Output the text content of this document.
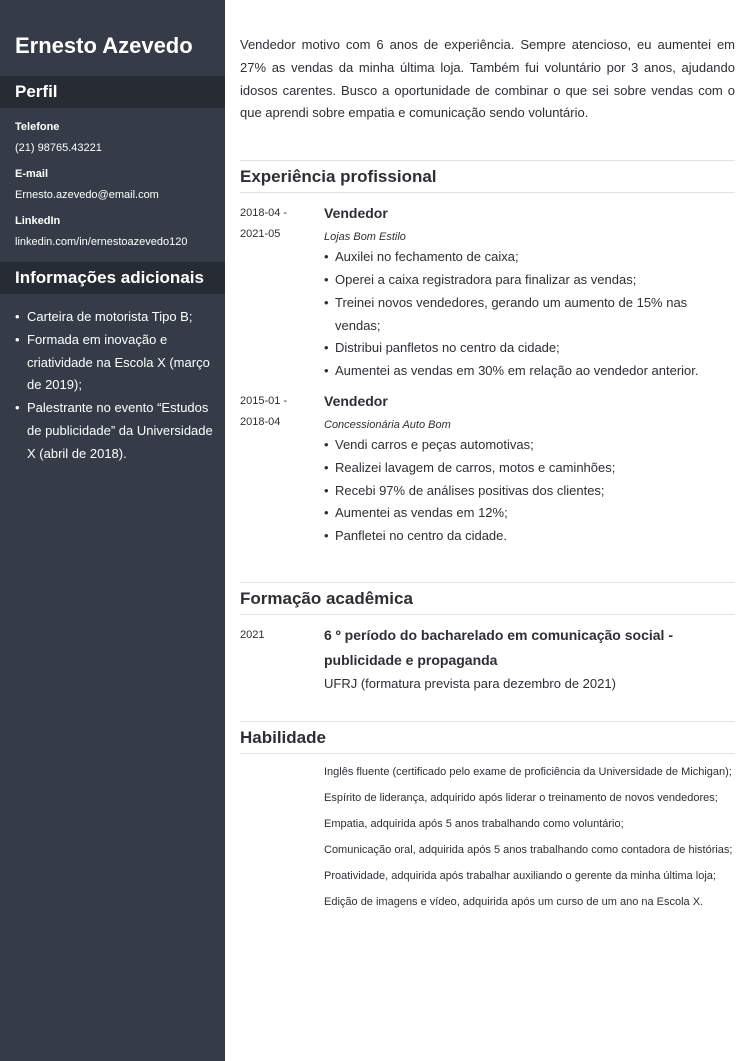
Ernesto Azevedo
Perfil
Telefone
(21) 98765.43221
E-mail
Ernesto.azevedo@email.com
LinkedIn
linkedin.com/in/ernestoazevedo120
Informações adicionais
• Carteira de motorista Tipo B;
• Formada em inovação e criatividade na Escola X (março de 2019);
• Palestrante no evento “Estudos de publicidade” da Universidade X (abril de 2018).

Vendedor motivo com 6 anos de experiência. Sempre atencioso, eu aumentei em 27% as vendas da minha última loja. Também fui voluntário por 3 anos, ajudando idosos carentes. Busco a oportunidade de combinar o que sei sobre vendas com o que aprendi sobre empatia e comunicação sendo voluntário.

Experiência profissional
2018-04 -
2021-05
Vendedor
Lojas Bom Estilo
• Auxilei no fechamento de caixa;
• Operei a caixa registradora para finalizar as vendas;
• Treinei novos vendedores, gerando um aumento de 15% nas vendas;
• Distribui panfletos no centro da cidade;
• Aumentei as vendas em 30% em relação ao vendedor anterior.
2015-01 -
2018-04
Vendedor
Concessionária Auto Bom
• Vendi carros e peças automotivas;
• Realizei lavagem de carros, motos e caminhões;
• Recebi 97% de análises positivas dos clientes;
• Aumentei as vendas em 12%;
• Panfletei no centro da cidade.
Formação acadêmica
2021	6 º período do bacharelado em comunicação social - publicidade e propaganda
UFRJ (formatura prevista para dezembro de 2021)
Habilidade
Inglês fluente (certificado pelo exame de proficiência da Universidade de Michigan);
Espírito de liderança, adquirido após liderar o treinamento de novos vendedores;
Empatia, adquirida após 5 anos trabalhando como voluntário;
Comunicação oral, adquirida após 5 anos trabalhando como contadora de histórias;
Proatividade, adquirida após trabalhar auxiliando o gerente da minha última loja;
Edição de imagens e vídeo, adquirida após um curso de um ano na Escola X.
